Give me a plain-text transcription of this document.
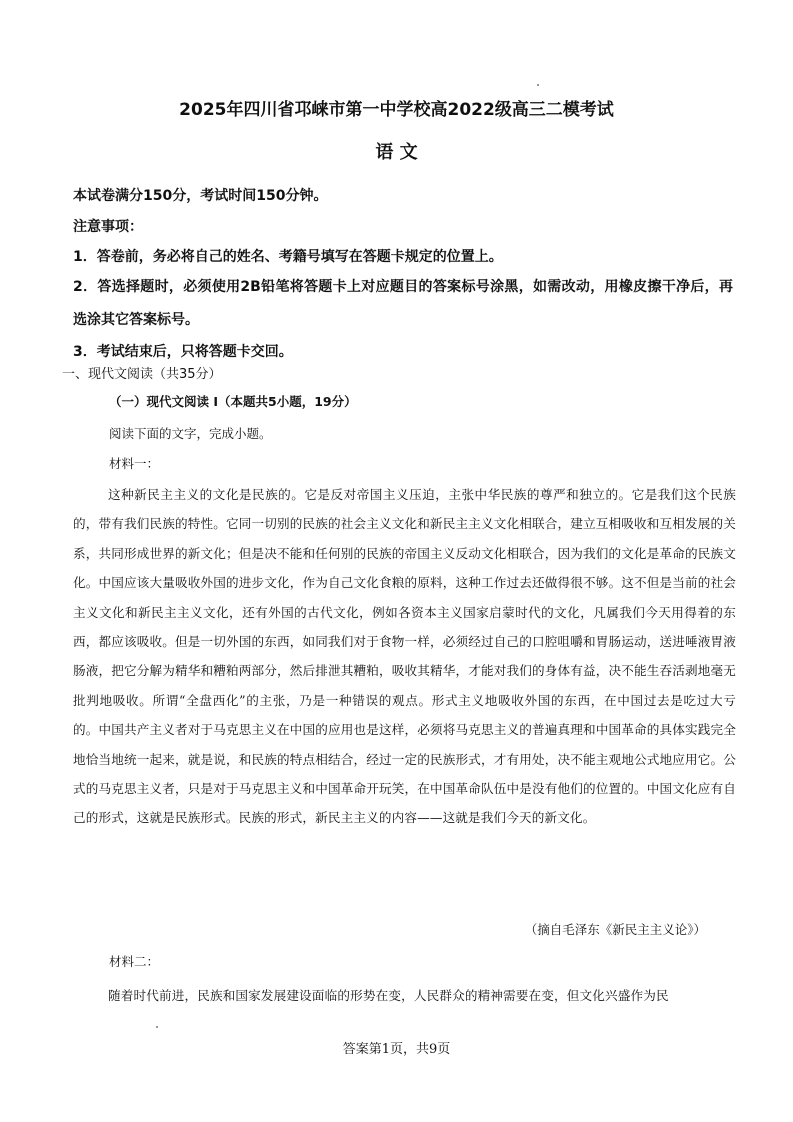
2025年四川省邛崃市第一中学校高2022级高三二模考试
语 文
本试卷满分150分，考试时间150分钟。
注意事项：
1．答卷前，务必将自己的姓名、考籍号填写在答题卡规定的位置上。
2．答选择题时，必须使用2B铅笔将答题卡上对应题目的答案标号涂黑，如需改动，用橡皮擦干净后，再选涂其它答案标号。
3．考试结束后，只将答题卡交回。
一、现代文阅读（共35分）
（一）现代文阅读 I（本题共5小题，19分）
阅读下面的文字，完成小题。
材料一：
这种新民主主义的文化是民族的。它是反对帝国主义压迫，主张中华民族的尊严和独立的。它是我们这个民族的，带有我们民族的特性。它同一切别的民族的社会主义文化和新民主主义文化相联合，建立互相吸收和互相发展的关系，共同形成世界的新文化；但是决不能和任何别的民族的帝国主义反动文化相联合，因为我们的文化是革命的民族文化。中国应该大量吸收外国的进步文化，作为自己文化食粮的原料，这种工作过去还做得很不够。这不但是当前的社会主义文化和新民主主义文化，还有外国的古代文化，例如各资本主义国家启蒙时代的文化，凡属我们今天用得着的东西，都应该吸收。但是一切外国的东西，如同我们对于食物一样，必须经过自己的口腔咀嚼和胃肠运动，送进唾液胃液肠液，把它分解为精华和糟粕两部分，然后排泄其糟粕，吸收其精华，才能对我们的身体有益，决不能生吞活剥地毫无批判地吸收。所谓“全盘西化”的主张，乃是一种错误的观点。形式主义地吸收外国的东西，在中国过去是吃过大亏的。中国共产主义者对于马克思主义在中国的应用也是这样，必须将马克思主义的普遍真理和中国革命的具体实践完全地恰当地统一起来，就是说，和民族的特点相结合，经过一定的民族形式，才有用处，决不能主观地公式地应用它。公式的马克思主义者，只是对于马克思主义和中国革命开玩笑，在中国革命队伍中是没有他们的位置的。中国文化应有自己的形式，这就是民族形式。民族的形式，新民主主义的内容——这就是我们今天的新文化。
（摘自毛泽东《新民主主义论》）
材料二：
随着时代前进，民族和国家发展建设面临的形势在变，人民群众的精神需要在变，但文化兴盛作为民
答案第1页，共9页
